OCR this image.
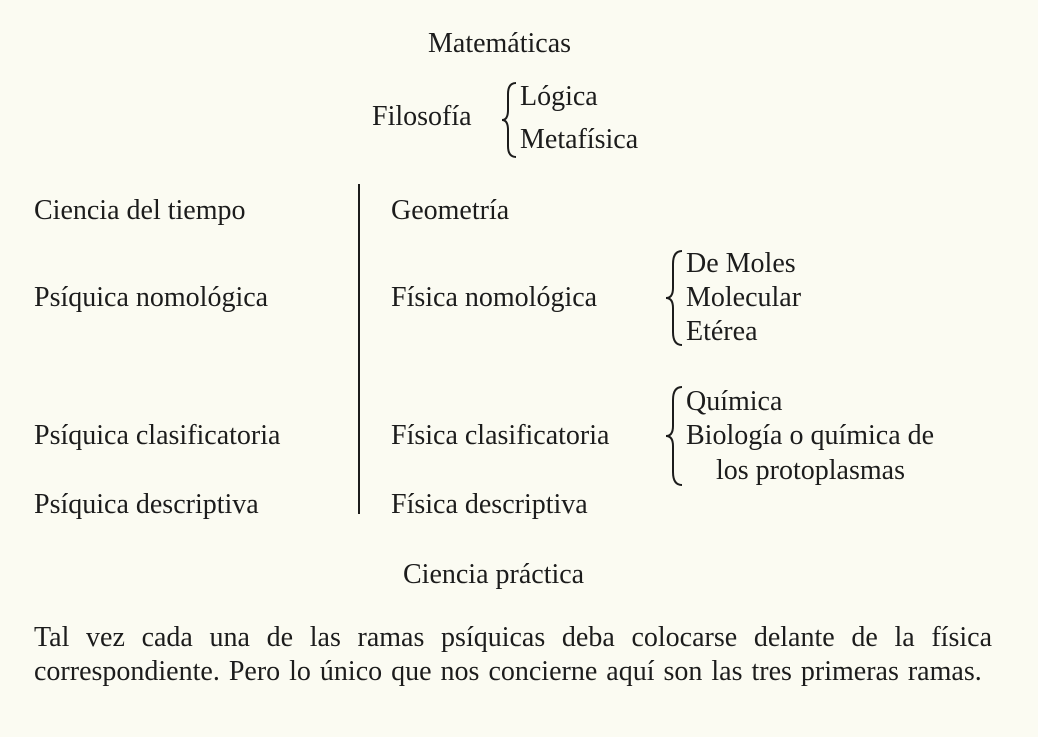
Matemáticas
Filosofía
Lógica
Metafísica
Ciencia del tiempo
Psíquica nomológica
Psíquica clasificatoria
Psíquica descriptiva
Geometría
Física nomológica
Física clasificatoria
Física descriptiva
De Moles
Molecular
Etérea
Química
Biología o química de
los protoplasmas
Ciencia práctica
Tal vez cada una de las ramas psíquicas deba colocarse delante de la física correspondiente. Pero lo único que nos concierne aquí son las tres primeras ramas.
